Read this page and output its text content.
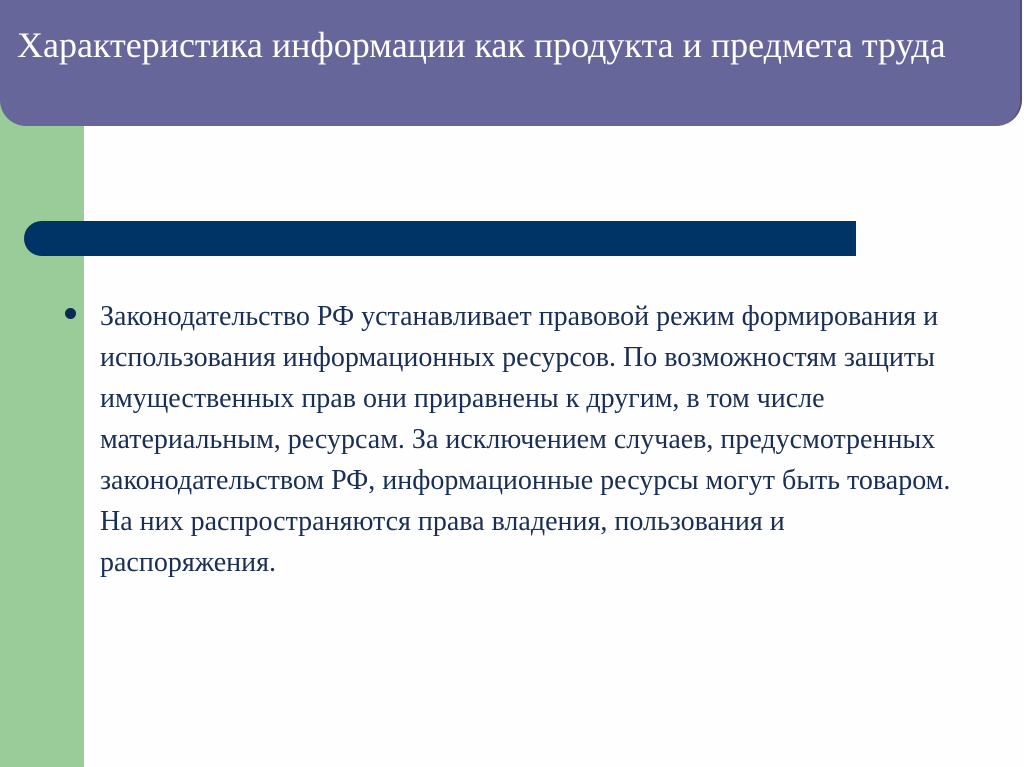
Характеристика информации как продукта и предмета труда

Законодательство РФ устанавливает правовой режим формирования и использования информационных ресурсов. По возможностям защиты имущественных прав они приравнены к другим, в том числе материальным, ресурсам. За исключением случаев, предусмотренных законодательством РФ, информационные ресурсы могут быть товаром. На них распространяются права владения, пользования и распоряжения.
